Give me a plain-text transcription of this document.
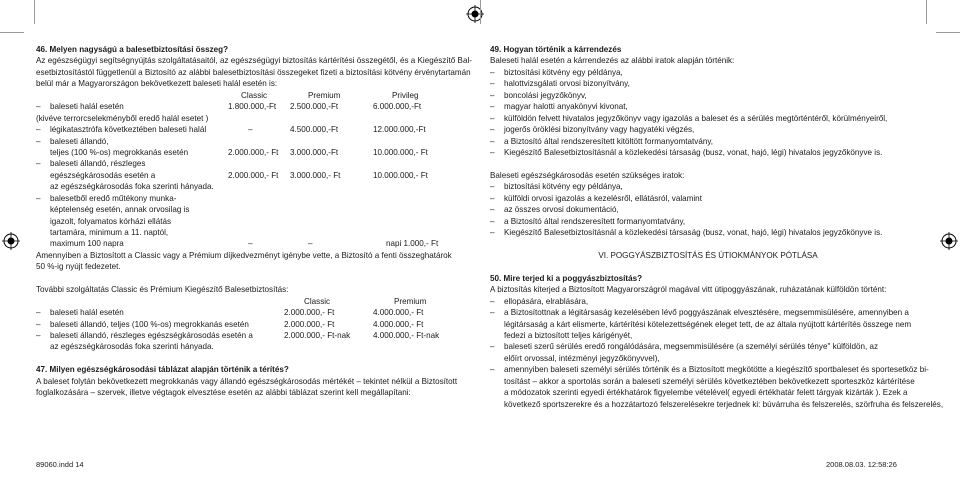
46. Melyen nagyságú a balesetbiztosítási összeg?
Az egészségügyi segítségnyújtás szolgáltatásaitól, az egészségügyi biztosítás kártérítési összegétől, és a Kiegészítő Bal-
esetbiztosítástól függetlenül a Biztosító az alábbi balesetbiztosítási összegeket fizeti a biztosítási kötvény érvénytartamán
belül már a Magyarországon bekövetkezett baleseti halál esetén is:
Classic	Premium	Privileg
– baleseti halál esetén	1.800.000,-Ft 2.500.000,-Ft	6.000.000,-Ft
(kivéve terrorcselekményből eredő halál esetet )
– légikatasztrófa következtében baleseti halál	–	4.500.000,-Ft	12.000.000,-Ft
– baleseti állandó,
teljes (100 %-os) megrokkanás esetén	2.000.000,- Ft 3.000.000,-Ft	10.000.000,- Ft
– baleseti állandó, részleges
egészségkárosodás esetén a	2.000.000,- Ft 3.000.000,- Ft	10.000.000,- Ft
az egészségkárosodás foka szerinti hányada.
– balesetből eredő műtékony munka-
képtelenség esetén, annak orvosilag is
igazolt, folyamatos kórházi ellátás
tartamára, minimum a 11. naptól,
maximum 100 napra	–	–	napi 1.000,- Ft
Amennyiben a Biztosított a Classic vagy a Prémium díjkedvezményt igénybe vette, a Biztosító a fenti összeghatárok
50 %-ig nyújt fedezetet.
További szolgáltatás Classic és Prémium Kiegészítő Balesetbiztosítás:
Classic	Premium
– baleseti halál esetén	2.000.000,- Ft	4.000.000,- Ft
– baleseti állandó, teljes (100 %-os) megrokkanás esetén	2.000.000,- Ft	4.000.000,- Ft
– baleseti állandó, részleges egészségkárosodás esetén a	2.000.000,- Ft-nak	4.000.000,- Ft-nak
az egészségkárosodás foka szerinti hányada.
47. Milyen egészségkárosodási táblázat alapján történik a térítés?
A baleset folytán bekövetkezett megrokkanás vagy állandó egészségkárosodás mértékét – tekintet nélkül a Biztosított
foglalkozására – szervek, illetve végtagok elvesztése esetén az alábbi táblázat szerint kell megállapítani:
49. Hogyan történik a kárrendezés
Baleseti halál esetén a kárrendezés az alábbi iratok alapján történik:
– biztosítási kötvény egy példánya,
– halottvizsgálati orvosi bizonyítvány,
– boncolási jegyzőkönyv,
– magyar halotti anyakönyvi kivonat,
– külföldön felvett hivatalos jegyzőkönyv vagy igazolás a baleset és a sérülés megtörténtéről, körülményeiről,
– jogerős öröklési bizonyítvány vagy hagyatéki végzés,
– a Biztosító által rendszeresített kitöltött formanyomtatvány,
– Kiegészítő Balesetbiztosításnál a közlekedési társaság (busz, vonat, hajó, légi) hivatalos jegyzőkönyve is.
Baleseti egészségkárosodás esetén szükséges iratok:
– biztosítási kötvény egy példánya,
– külföldi orvosi igazolás a kezelésről, ellátásról, valamint
– az összes orvosi dokumentáció,
– a Biztosító által rendszeresített formanyomtatvány,
– Kiegészítő Balesetbiztosításnál a közlekedési társaság (busz, vonat, hajó, légi) hivatalos jegyzőkönyve is.
VI. POGGYÁSZBIZTOSÍTÁS ÉS ÚTIOKMÁNYOK PÓTLÁSA
50. Mire terjed ki a poggyászbiztosítás?
A biztosítás kiterjed a Biztosított Magyarországról magával vitt útipoggyászának, ruházatának külföldön történt:
– ellopására, elrablására,
– a Biztosítottnak a légitársaság kezelésében lévő poggyászának elvesztésére, megsemmisülésére, amennyiben a
légitársaság a kárt elismerte, kártérítési kötelezettségének eleget tett, de az általa nyújtott kártérítés összege nem
fedezi a biztosított teljes kárigényét,
– baleseti szerű sérülés eredő rongálódására, megsemmisülésére (a személyi sérülés ténye" külföldön, az
előírt orvossal, intézményi jegyzőkönyvvel),
– amennyiben baleseti személyi sérülés történik és a Biztosított megkötötte a kiegészítő sportbaleset és sportesetköz bi-
tosítást – akkor a sportolás során a baleseti személyi sérülés következtében bekövetkezett sporteszköz kártérítése
a módozatok szerinti egyedi értékhatárok figyelembe vételével( egyedi értékhatár felett tárgyak kizárták ). Ezek a
következő sportszerekre és a hozzátartozó felszerelésekre terjednek ki: búvárruha és felszerelés, szörfruha és felszerelés,
89060.indd 14	2008.08.03. 12:58:26
